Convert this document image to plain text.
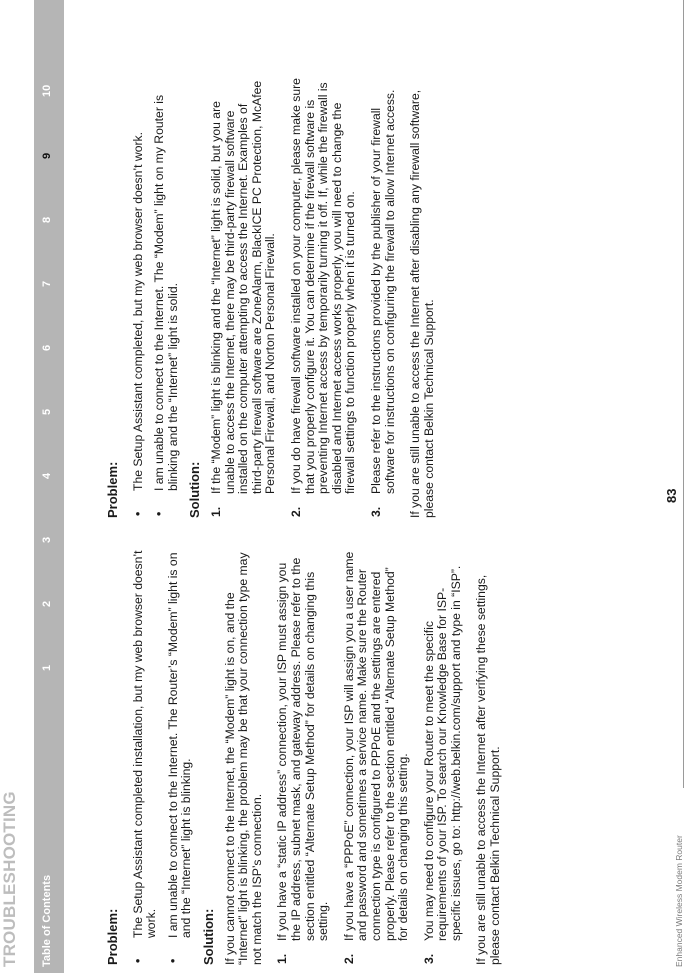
TROUBLESHOOTING Table of Contents
1
2
3
4
5
6
7
8
9
10
Problem: •
The Setup Assistant completed installation, but my web browser doesn’t work.
•
I am unable to connect to the Internet. The Router’s “Modem” light is on and the “Internet” light is blinking. Solution: If you cannot connect to the Internet, the “Modem” light is on, and the “Internet” light is blinking, the problem may be that your connection type may not match the ISP’s connection. 1.
If you have a “static IP address” connection, your ISP must assign you the IP address, subnet mask, and gateway address. Please refer to the section entitled “Alternate Setup Method” for details on changing this setting.
2.
If you have a “PPPoE” connection, your ISP will assign you a user name and password and sometimes a service name. Make sure the Router connection type is configured to PPPoE and the settings are entered properly. Please refer to the section entitled “Alternate Setup Method” for details on changing this setting.
3.
You may need to configure your Router to meet the specific requirements of your ISP. To search our Knowledge Base for ISP-specific issues, go to: http://web.belkin.com/support and type in “ISP”. If you are still unable to access the Internet after verifying these settings, please contact Belkin Technical Support.
Problem: •
The Setup Assistant completed, but my web browser doesn’t work.
•
I am unable to connect to the Internet. The “Modem” light on my Router is blinking and the “Internet” light is solid. Solution: 1.
If the “Modem” light is blinking and the “Internet” light is solid, but you are unable to access the Internet, there may be third-party firewall software installed on the computer attempting to access the Internet. Examples of third-party firewall software are ZoneAlarm, BlackICE PC Protection, McAfee Personal Firewall, and Norton Personal Firewall.
2.
If you do have firewall software installed on your computer, please make sure that you properly configure it. You can determine if the firewall software is preventing Internet access by temporarily turning it off. If, while the firewall is disabled and Internet access works properly, you will need to change the firewall settings to function properly when it is turned on.
3.
Please refer to the instructions provided by the publisher of your firewall software for instructions on configuring the firewall to allow Internet access. If you are still unable to access the Internet after disabling any firewall software, please contact Belkin Technical Support.	83
Enhanced Wireless Modem Router
